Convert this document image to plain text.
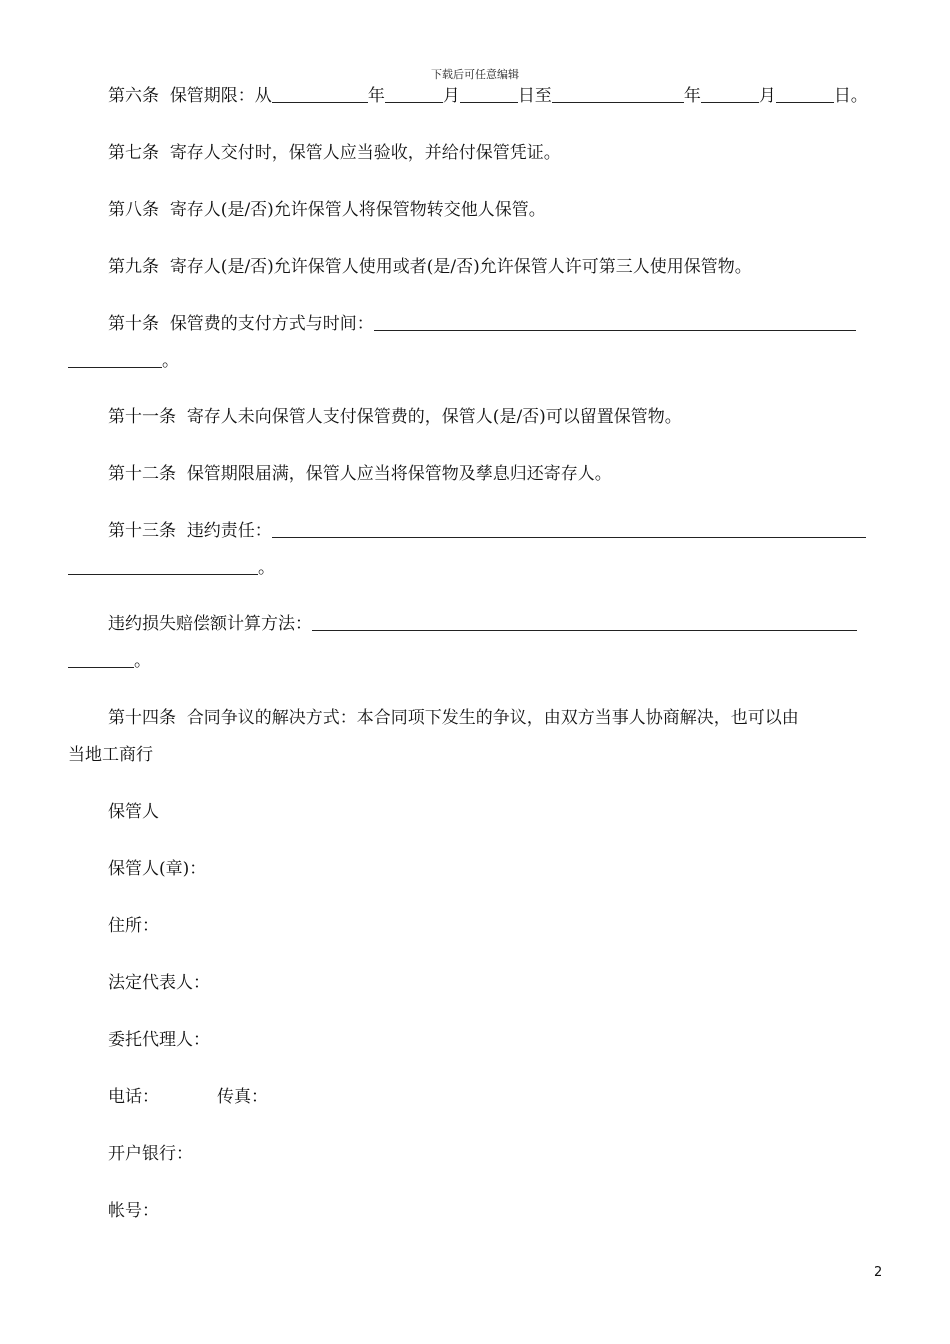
下载后可任意编辑
第六条 保管期限：从	年	月	日至	年	月	日。
第七条 寄存人交付时，保管人应当验收，并给付保管凭证。
第八条 寄存人(是/否)允许保管人将保管物转交他人保管。
第九条 寄存人(是/否)允许保管人使用或者(是/否)允许保管人许可第三人使用保管物。
第十条 保管费的支付方式与时间：
。
第十一条 寄存人未向保管人支付保管费的，保管人(是/否)可以留置保管物。
第十二条 保管期限届满，保管人应当将保管物及孳息归还寄存人。
第十三条 违约责任：
。
违约损失赔偿额计算方法：
。
第十四条 合同争议的解决方式：本合同项下发生的争议，由双方当事人协商解决，也可以由
当地工商行
保管人
保管人(章)：
住所：
法定代表人：
委托代理人：
电话：	传真：
开户银行：
帐号：
2
